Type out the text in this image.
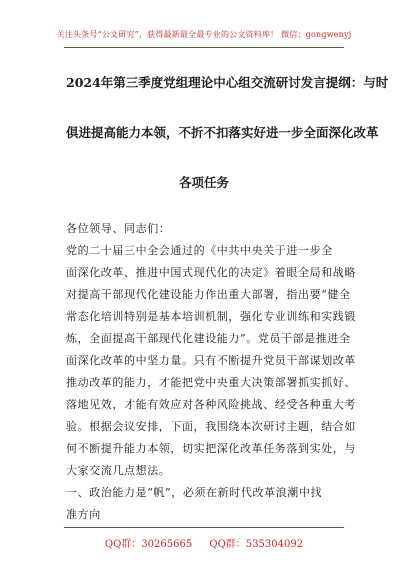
关注头条号“公文研究”，获得最新最全最专业的公文资料库！ 微信：gongwenyj
2024年第三季度党组理论中心组交流研讨发言提纲：与时
俱进提高能力本领，不折不扣落实好进一步全面深化改革
各项任务
各位领导、同志们：
党的二十届三中全会通过的《中共中央关于进一步全
面深化改革、推进中国式现代化的决定》着眼全局和战略
对提高干部现代化建设能力作出重大部署，指出要“健全
常态化培训特别是基本培训机制，强化专业训练和实践锻
炼，全面提高干部现代化建设能力”。党员干部是推进全
面深化改革的中坚力量。只有不断提升党员干部谋划改革
推动改革的能力，才能把党中央重大决策部署抓实抓好、
落地见效，才能有效应对各种风险挑战、经受各种重大考
验。根据会议安排，下面，我围绕本次研讨主题，结合如
何不断提升能力本领，切实把深化改革任务落到实处，与
大家交流几点想法。
一、政治能力是“帆”，必须在新时代改革浪潮中找
准方向
QQ群：30265665 QQ群：535304092
